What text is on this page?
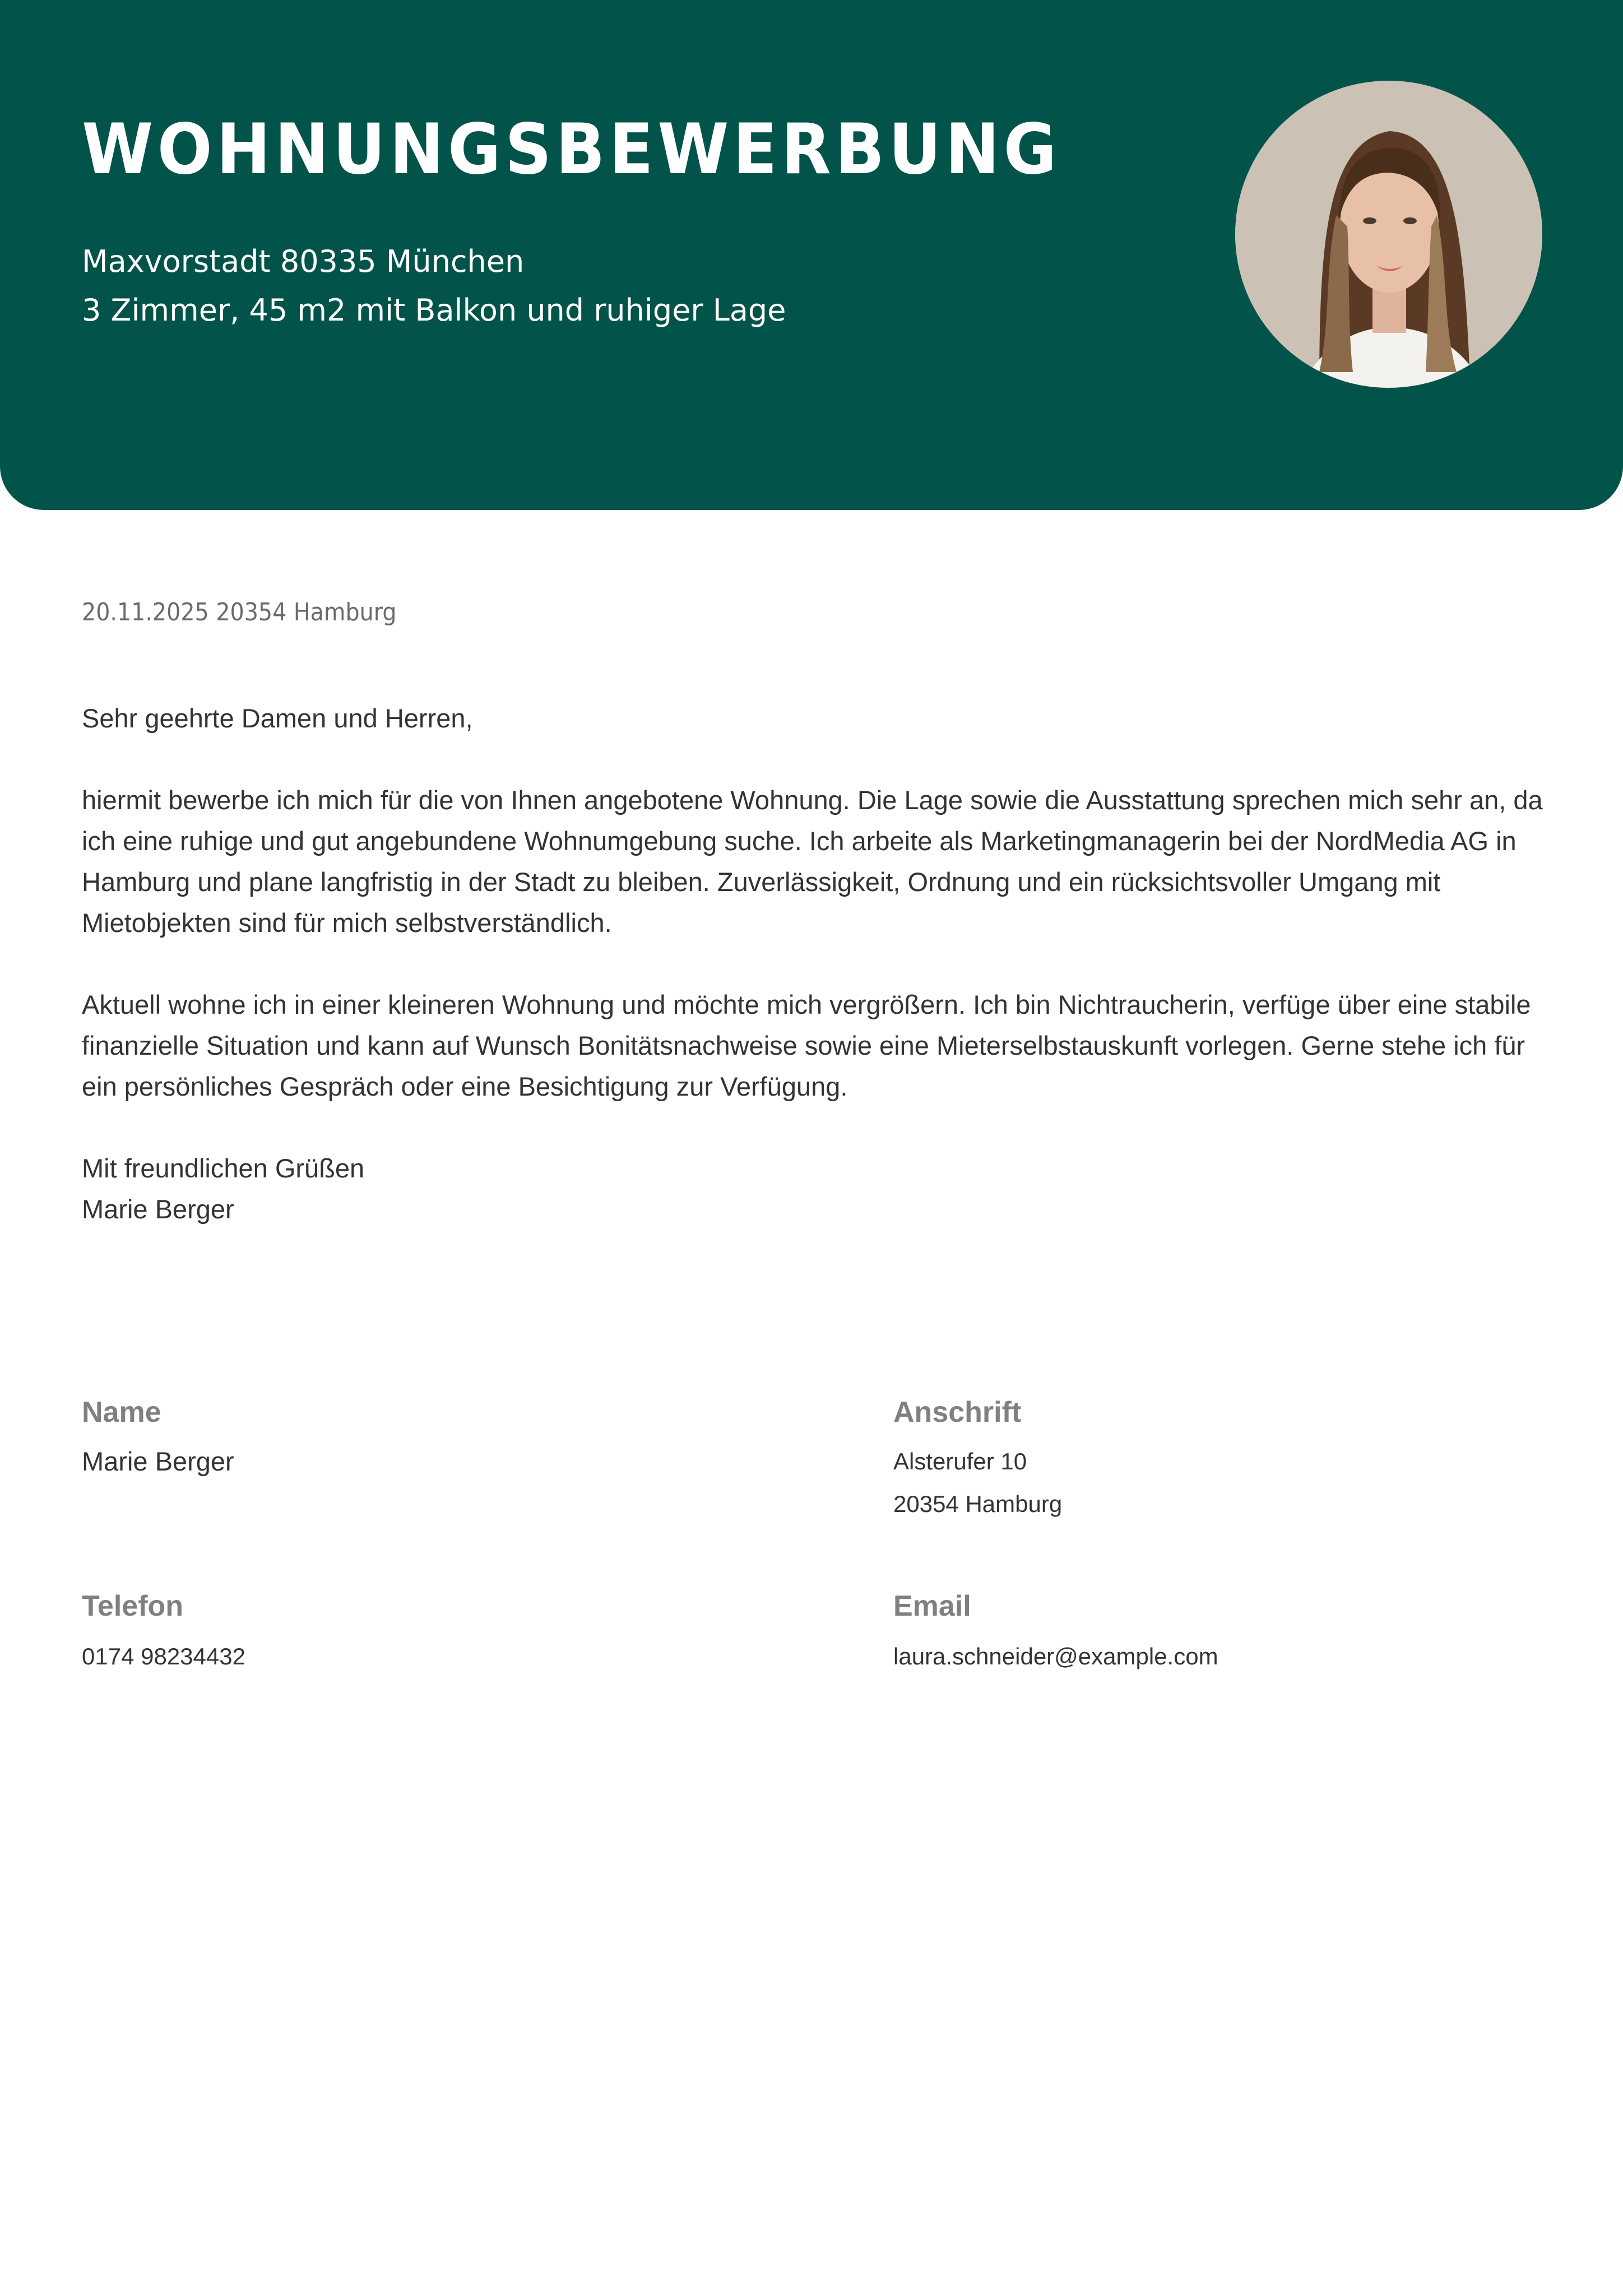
WOHNUNGSBEWERBUNG
Maxvorstadt 80335 München
3 Zimmer, 45 m2 mit Balkon und ruhiger Lage
20.11.2025 20354 Hamburg

Sehr geehrte Damen und Herren,

hiermit bewerbe ich mich für die von Ihnen angebotene Wohnung. Die Lage sowie die Ausstattung sprechen mich sehr an, da ich eine ruhige und gut angebundene Wohnumgebung suche. Ich arbeite als Marketingmanagerin bei der NordMedia AG in Hamburg und plane langfristig in der Stadt zu bleiben. Zuverlässigkeit, Ordnung und ein rücksichtsvoller Umgang mit Mietobjekten sind für mich selbstverständlich.

Aktuell wohne ich in einer kleineren Wohnung und möchte mich vergrößern. Ich bin Nichtraucherin, verfüge über eine stabile finanzielle Situation und kann auf Wunsch Bonitätsnachweise sowie eine Mieterselbstauskunft vorlegen. Gerne stehe ich für ein persönliches Gespräch oder eine Besichtigung zur Verfügung.

Mit freundlichen Grüßen
Marie Berger
Name
Marie Berger
Anschrift
Alsterufer 10
20354 Hamburg
Telefon
0174 98234432
Email
laura.schneider@example.com
